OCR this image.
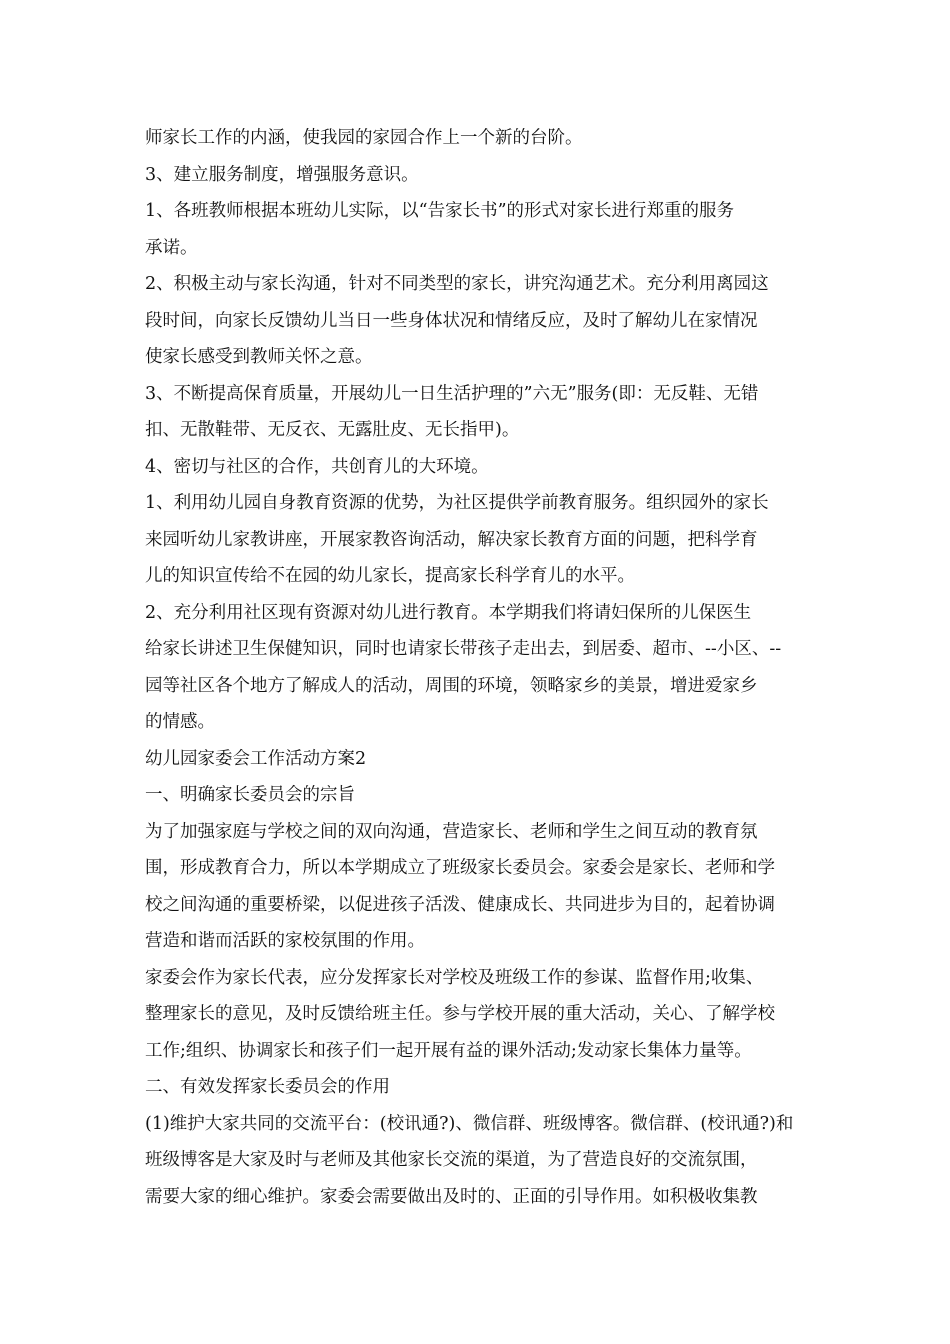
师家长工作的内涵，使我园的家园合作上一个新的台阶。
3、建立服务制度，增强服务意识。
1、各班教师根据本班幼儿实际，以“告家长书”的形式对家长进行郑重的服务
承诺。
2、积极主动与家长沟通，针对不同类型的家长，讲究沟通艺术。充分利用离园这
段时间，向家长反馈幼儿当日一些身体状况和情绪反应，及时了解幼儿在家情况
使家长感受到教师关怀之意。
3、不断提高保育质量，开展幼儿一日生活护理的”六无”服务(即：无反鞋、无错
扣、无散鞋带、无反衣、无露肚皮、无长指甲)。
4、密切与社区的合作，共创育儿的大环境。
1、利用幼儿园自身教育资源的优势，为社区提供学前教育服务。组织园外的家长
来园听幼儿家教讲座，开展家教咨询活动，解决家长教育方面的问题，把科学育
儿的知识宣传给不在园的幼儿家长，提高家长科学育儿的水平。
2、充分利用社区现有资源对幼儿进行教育。本学期我们将请妇保所的儿保医生
给家长讲述卫生保健知识，同时也请家长带孩子走出去，到居委、超市、--小区、--
园等社区各个地方了解成人的活动，周围的环境，领略家乡的美景，增进爱家乡
的情感。
幼儿园家委会工作活动方案2
一、明确家长委员会的宗旨
为了加强家庭与学校之间的双向沟通，营造家长、老师和学生之间互动的教育氛
围，形成教育合力，所以本学期成立了班级家长委员会。家委会是家长、老师和学
校之间沟通的重要桥梁，以促进孩子活泼、健康成长、共同进步为目的，起着协调
营造和谐而活跃的家校氛围的作用。
家委会作为家长代表，应分发挥家长对学校及班级工作的参谋、监督作用;收集、
整理家长的意见，及时反馈给班主任。参与学校开展的重大活动，关心、了解学校
工作;组织、协调家长和孩子们一起开展有益的课外活动;发动家长集体力量等。
二、有效发挥家长委员会的作用
(1)维护大家共同的交流平台：(校讯通?)、微信群、班级博客。微信群、(校讯通?)和
班级博客是大家及时与老师及其他家长交流的渠道，为了营造良好的交流氛围，
需要大家的细心维护。家委会需要做出及时的、正面的引导作用。如积极收集教
